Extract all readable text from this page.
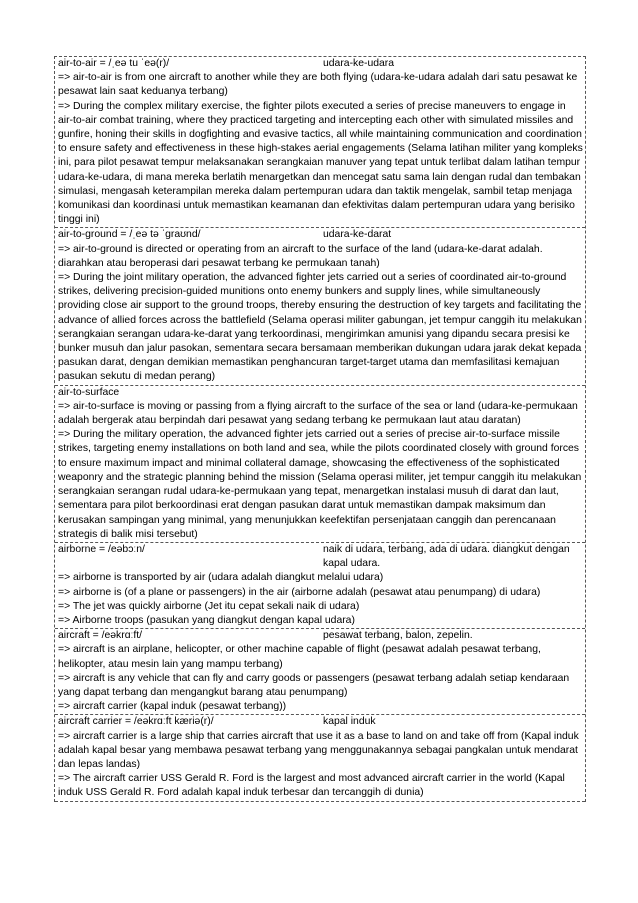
air-to-air = /ˌeə tu ˈeə(r)/	udara-ke-udara
=> air-to-air is from one aircraft to another while they are both flying (udara-ke-udara adalah dari satu pesawat ke pesawat lain saat keduanya terbang)
=> During the complex military exercise, the fighter pilots executed a series of precise maneuvers to engage in air-to-air combat training, where they practiced targeting and intercepting each other with simulated missiles and gunfire, honing their skills in dogfighting and evasive tactics, all while maintaining communication and coordination to ensure safety and effectiveness in these high-stakes aerial engagements (Selama latihan militer yang kompleks ini, para pilot pesawat tempur melaksanakan serangkaian manuver yang tepat untuk terlibat dalam latihan tempur udara-ke-udara, di mana mereka berlatih menargetkan dan mencegat satu sama lain dengan rudal dan tembakan simulasi, mengasah keterampilan mereka dalam pertempuran udara dan taktik mengelak, sambil tetap menjaga komunikasi dan koordinasi untuk memastikan keamanan dan efektivitas dalam pertempuran udara yang berisiko tinggi ini)
air-to-ground = /ˌeə tə ˈɡraʊnd/	udara-ke-darat
=> air-to-ground is directed or operating from an aircraft to the surface of the land (udara-ke-darat adalah. diarahkan atau beroperasi dari pesawat terbang ke permukaan tanah)
=> During the joint military operation, the advanced fighter jets carried out a series of coordinated air-to-ground strikes, delivering precision-guided munitions onto enemy bunkers and supply lines, while simultaneously providing close air support to the ground troops, thereby ensuring the destruction of key targets and facilitating the advance of allied forces across the battlefield (Selama operasi militer gabungan, jet tempur canggih itu melakukan serangkaian serangan udara-ke-darat yang terkoordinasi, mengirimkan amunisi yang dipandu secara presisi ke bunker musuh dan jalur pasokan, sementara secara bersamaan memberikan dukungan udara jarak dekat kepada pasukan darat, dengan demikian memastikan penghancuran target-target utama dan memfasilitasi kemajuan pasukan sekutu di medan perang)
air-to-surface
=> air-to-surface is moving or passing from a flying aircraft to the surface of the sea or land (udara-ke-permukaan adalah bergerak atau berpindah dari pesawat yang sedang terbang ke permukaan laut atau daratan)
=> During the military operation, the advanced fighter jets carried out a series of precise air-to-surface missile strikes, targeting enemy installations on both land and sea, while the pilots coordinated closely with ground forces to ensure maximum impact and minimal collateral damage, showcasing the effectiveness of the sophisticated weaponry and the strategic planning behind the mission (Selama operasi militer, jet tempur canggih itu melakukan serangkaian serangan rudal udara-ke-permukaan yang tepat, menargetkan instalasi musuh di darat dan laut, sementara para pilot berkoordinasi erat dengan pasukan darat untuk memastikan dampak maksimum dan kerusakan sampingan yang minimal, yang menunjukkan keefektifan persenjataan canggih dan perencanaan strategis di balik misi tersebut)
airborne = /eəbɔːn/	naik di udara, terbang, ada di udara. diangkut dengan kapal udara.
=> airborne is transported by air (udara adalah diangkut melalui udara)
=> airborne is (of a plane or passengers) in the air (airborne adalah (pesawat atau penumpang) di udara)
=> The jet was quickly airborne (Jet itu cepat sekali naik di udara)
=> Airborne troops (pasukan yang diangkut dengan kapal udara)
aircraft = /eəkrɑːft/	pesawat terbang, balon, zepelin.
=> aircraft is an airplane, helicopter, or other machine capable of flight (pesawat adalah pesawat terbang, helikopter, atau mesin lain yang mampu terbang)
=> aircraft is any vehicle that can fly and carry goods or passengers (pesawat terbang adalah setiap kendaraan yang dapat terbang dan mengangkut barang atau penumpang)
=> aircraft carrier (kapal induk (pesawat terbang))
aircraft carrier = /eəkrɑːft kæriə(r)/	kapal induk
=> aircraft carrier is a large ship that carries aircraft that use it as a base to land on and take off from (Kapal induk adalah kapal besar yang membawa pesawat terbang yang menggunakannya sebagai pangkalan untuk mendarat dan lepas landas)
=> The aircraft carrier USS Gerald R. Ford is the largest and most advanced aircraft carrier in the world (Kapal induk USS Gerald R. Ford adalah kapal induk terbesar dan tercanggih di dunia)
